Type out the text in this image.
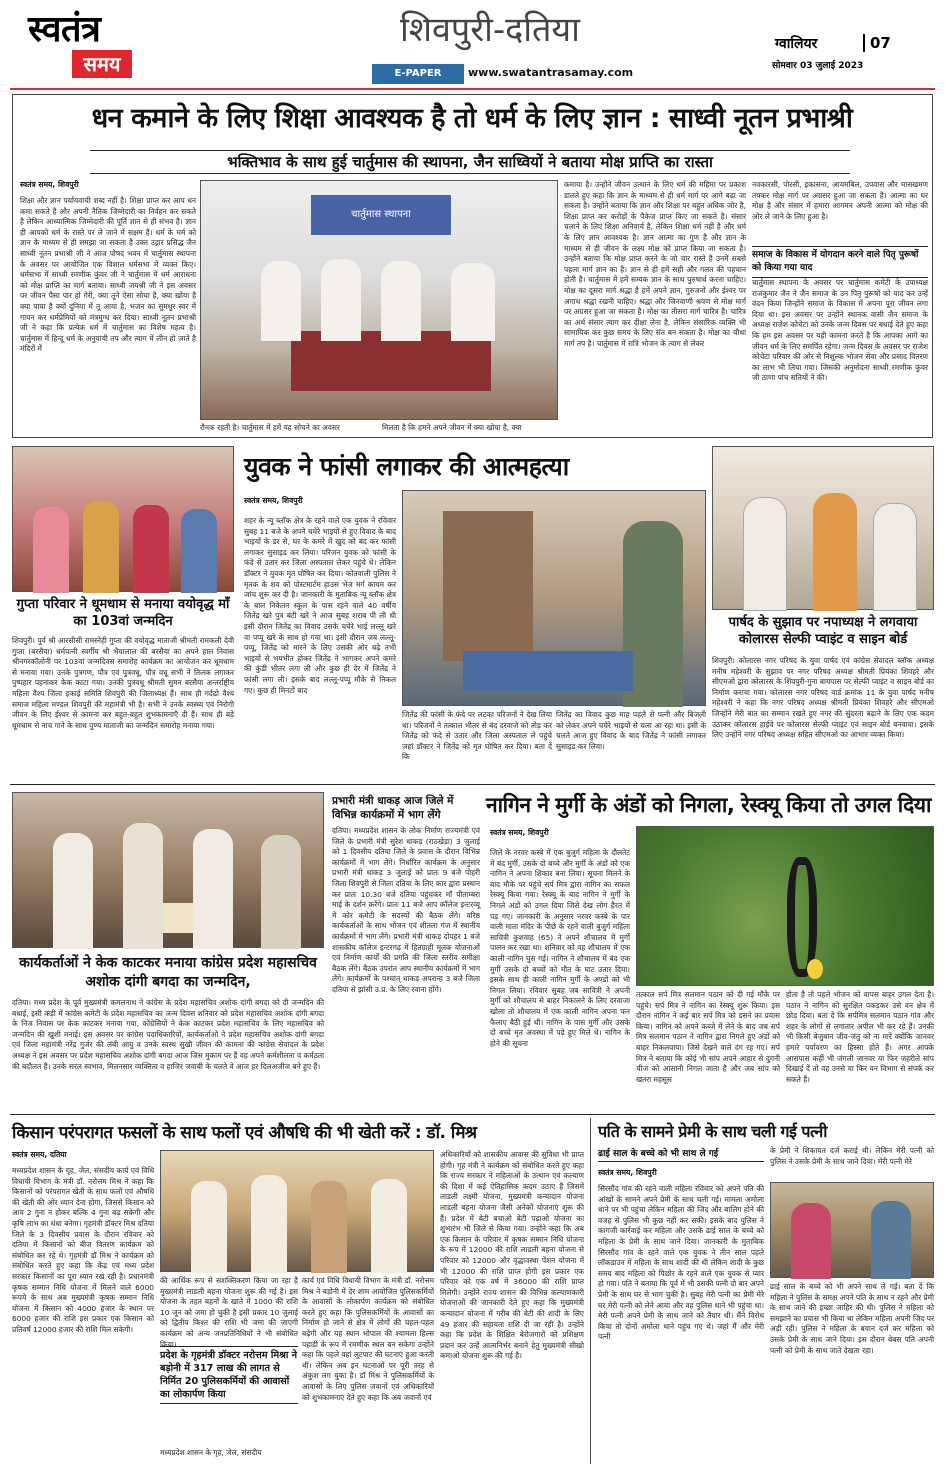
स्वतंत्र
समय
शिवपुरी-दतिया
E-PAPER	www.swatantrasamay.com
ग्वालियर	07
सोमवार 03 जुलाई 2023
धन कमाने के लिए शिक्षा आवश्यक है तो धर्म के लिए ज्ञान : साध्वी नूतन प्रभाश्री
भक्तिभाव के साथ हुई चार्तुमास की स्थापना, जैन साध्वियों ने बताया मोक्ष प्राप्ति का रास्ता
स्वतंत्र समय, शिवपुरी
शिक्षा और ज्ञान पर्यायवाची शब्द नहीं है। शिक्षा प्राप्त कर आप धन कमा सकते है और अपनी नैतिक जिम्मेदारी का निर्वहन कर सकते है लेकिन आध्यात्मिक जिम्मेदारी की पूर्ति ज्ञान से ही संभव है। ज्ञान ही आपको धर्म के रास्ते पर ले जाने में सक्षम है। धर्म के मर्म को ज्ञान के माध्यम से ही समझा जा सकता है उक्त उद्गार प्रसिद्ध जैन साध्वी नूतन प्रभाश्री जी ने आज पोषद भवन में चार्तुमास स्थापना के अवसर पर आयोजित एक विशाल धर्मसभा में व्यक्त किए। धर्मसभा में साध्वी रमणीक कुंवर जी ने चार्तुमास में धर्म आराधना को मोक्ष प्राप्ति का मार्ग बताया। साध्वी जयश्री जी ने इस अवसर पर जीवन पैसा पार हो गेरी, क्या तूने ऐसा सोचा है, क्या खोया है क्या पाया है क्यों दुनिया में तू आया है, भजन का सुमधुर स्वर में गायन कर धर्मप्रेमियों को मंत्रमुग्ध कर दिया। साध्वी नूतन प्रभाश्री जी ने कहा कि प्रत्येक धर्म में चार्तुमास का विशेष महत्व है। चार्तुमास में हिन्दू धर्म के अनुयायी तप और त्याग में लीन हो जाते है मंदिरों में
चार्तुमास स्थापना
रौनक रहती है। चार्तुमास में हमें यह सोचने का अवसर	मिलता है कि हमने अपने जीवन में क्या खोया है, क्या
कमाया है। उन्होंने जीवन उत्थान के लिए धर्म की महिमा पर प्रकाश डालते हुए कहा कि ज्ञान के माध्यम से ही धर्म मार्ग पर आगे बढ़ा जा सकता है। उन्होंने बताया कि ज्ञान और शिक्षा पर बहुत अधिक जोर है, शिक्षा प्राप्त कर करोड़ों के पैकेज प्राप्त किए जा सकते है। संसार चलाने के लिए शिक्षा अनिवार्य है, लेकिन शिक्षा धर्म नहीं है और धर्म के लिए ज्ञान आवश्यक है। ज्ञान आत्मा का गुण है और ज्ञान के माध्यम से ही जीवन के लक्ष्य मोक्ष को प्राप्त किया जा सकता है। उन्होंने बताया कि मोक्ष प्राप्त करने के जो चार रास्ते है उनमें सबसे पहला मार्ग ज्ञान का है। ज्ञान से ही हमें सही और गलत की पहचान होती है। चार्तुमास में हमें सम्यक ज्ञान के साथ पुरुषार्थ करना चाहिए। मोक्ष का दूसरा मार्ग श्रद्धा है हमें अपने ज्ञान, गुरुजनों और ईश्वर पर अगाध श्रद्धा रखनी चाहिए। श्रद्धा और जिनवाणी श्रवण से मोक्ष मार्ग पर अग्रसर हुआ जा सकता है। मोक्ष का तीसरा मार्ग चारित्र है। चारित्र का अर्थ संसार त्याग कर दीक्षा लेना है, लेकिन संसारिक व्यक्ति भी सामायिक कर कुछ समय के लिए संत बन सकता है। मोक्ष का चौथा मार्ग तप है। चार्तुमास में रात्रि भोजन के त्याग से लेकर
नवकारसी, पोरसी, इकासना, आयमबिल, उपवास और मासखमण तपकर मोक्ष मार्ग पर अग्रसर हुआ जा सकता है। आत्मा का घर मोक्ष है और संसार में हमारा आगमन अपनी आत्मा को मोक्ष की ओर ले जाने के लिए हुआ है।
समाज के विकास में योगदान करने वाले पितृ पुरूषों को किया गया याद
चार्तुमास स्थापना के अवसर पर चार्तुमास कमेटी के उपाध्यक्ष राजकुमार जैन ने जैन समाज के उन पितृ पुरूषों को याद कर उन्हें वंदन किया जिन्होंने समाज के विकास में अपना पूरा जीवन लगा दिया था। इस अवसर पर उन्होंने स्थानक वासी जैन समाज के अध्यक्ष राजेश कोचेटा को उनके जन्म दिवस पर बधाई देते हुए कहा कि हम इस अवसर पर यही कामना करते है कि आपका आगे का जीवन धर्म के लिए समर्पित रहेगा। जन्म दिवस के अवसर पर राजेश कोचेटा परिवार की ओर से निशुल्क भोजन सेवा और प्रसाद वितरण का लाभ भी लिया गया। जिसकी अनुमोदना साध्वी रमणीक कुंवर जी ठाणा पांच सतियों ने की।
गुप्ता परिवार ने धूमधाम से मनाया वयोवृद्ध माँ का 103वां जन्मदिन
शिवपुरी। पुर्व श्री आरसीसी रामस्नेही गुप्ता की वयोवृद्ध माताजी श्रीमती रामकली देवी गुप्ता (बरसैया) धर्मपत्नी स्वर्गीय श्री भैयालाल की बरसैया का अपने हाल निवास श्रीनगरकॉलोनी पर 103वां जन्मदिवस समारोह कार्यक्रम का आयोजन कर धूमधाम से मनाया गया। उनके पुत्रगण, पौत्र एवं पुत्रवधू, पौत्र वधू सभी ने तिलक लगाकर पुष्पहार पहनाकर केक काटा गया। उनकी पुत्रवधू श्रीमती सुमन बरसैया अन्तर्राष्ट्रीय महिला वैश्य जिला इकाई समिति शिवपुरी की जिलाध्यक्ष हैं। साथ ही गर्दढो वैश्य समाज महिला मण्डल शिवपुरी की महामंत्री भी है। सभी ने उनके स्वस्थ्य एवं निरोगी जीवन के लिए ईश्वर से कामना कर बहुत-बहुत शुभकामनाएँ दी हैं। साथ ही बड़े धूमधाम से नाच गाने के साथ पुण्य माताजी का जन्मदिन समारोह मनाया गया।
युवक ने फांसी लगाकर की आत्महत्या
स्वतंत्र समय, शिवपुरी
शहर के न्यू ब्लॉक क्षेत्र के रहने वाले एक युवक ने रविवार सुबह 11 बजे के अपने चचेरे भाइयों से हुए विवाद के बाद भाइयों के डर से, घर के कमरे में खुद को बंद कर फांसी लगाकर सुसाइड कर लिया। परिजन युवक को फांसी के फंदे से उतार कर जिला अस्पताल लेकर पहुंचे थे। लेकिन डॉक्टर ने युवक मृत घोषित कर दिया। कोतवाली पुलिस ने मृतक के शव को पोस्टमार्टम हाउस भेज मर्ग कायम कर जांच शुरू कर दी है। जानकारी के मुताबिक न्यू ब्लॉक क्षेत्र के बाल निकेतन स्कूल के पास रहने वाले 40 वर्षीय जितेंद्र खरे पुत्र बंटी खरे ने आज सुबह शराब पी ली थी इसी दौरान जितेंद्र का विवाद उसके चचेरे भाई लल्लू खरे वा पप्पू खरे के साथ हो गया था। इसी दौरान जब लल्लू-पप्पू, जितेंद्र को मारने के लिए उसकी ओर बढ़े तभी भाइयों से भयभीत होकर जितेंद्र ने भागकर अपने कमरे की कुंडी भीतर लगा ली और कुछ ही देर में जितेंद्र ने फांसी लगा ली। इसके बाद लल्लू-पप्पू मौके से निकल गए। कुछ ही मिनटों बाद
जितेंद्र की फांसी के फंदे पर लटका परिजनों ने देख लिया था। परिजनों ने तत्काल भीतर से बंद दरवाजे को तोड़ कर जितेंद्र को फंदे से उतार और जिला अस्पताल ले पहुंचे जहां डॉक्टर ने जितेंद्र को मृत घोषित कर दिया। बता दें कि
जितेंद्र का विवाद कुछ माह पहले से पत्नी और बिजली को लेकर अपने चचेरे भाइयों से चला आ रहा था। इसी के चलते आज हुए विवाद के बाद जितेंद्र ने फांसी लगाकर सुसाइड कर लिया।
पार्षद के सुझाव पर नपाध्यक्ष ने लगवाया कोलारस सेल्फी प्वाइंट व साइन बोर्ड
शिवपुरी। कोलारस नगर परिषद के युवा पार्षद एवं कांग्रेस सेवादल ब्लॉक अध्यक्ष मनीष महेश्वरी के सुझाव पर नगर परिषद अध्यक्ष श्रीमती प्रियंका शिवहरे और सीएमओ द्वारा कोलारस के शिवपुरी-गुना बायपास पर सेल्फी प्वाइंट व साइन बोर्ड का निर्माण कराया गया। कोलारस नगर परिषद वार्ड क्रमांक 11 के युवा पार्षद मनीष महेश्वरी ने कहा कि नगर परिषद अध्यक्ष श्रीमती प्रियंका शिवहरे और सीएमओ जिन्होंने मेरी बात का सम्मान रखते हुए नगर की सुंदरता बढ़ाने के लिए एक कदम उठाकर कोलारस हाईवे पर कोलारस सेल्फी प्वाइंट एवं साइन बोर्ड बनवाया। इसके लिए उन्होंने नगर परिषद अध्यक्ष सहित सीएमओ का आभार व्यक्त किया।
कार्यकर्ताओं ने केक काटकर मनाया कांग्रेस प्रदेश महासचिव अशोक दांगी बगदा का जन्मदिन,
दतिया। मध्य प्रदेश के पूर्व मुख्यमंत्री कमलनाथ ने कांग्रेस के प्रदेश महासचिव अशोक दांगी बगदा को दी जन्मदिन की बधाई, इसी कड़ी में कांग्रेस कमेटी के प्रदेश महासचिव का जन्म दिवस शनिवार को प्रदेश महासचिव अशोक दांगी बगदा के निज निवास पर केक काटकर मनाया गया, कोंग्रेसियों ने केक काटकर प्रदेश महासचिव के लिए महासचिव को जन्मदिन की खुशी मनाई। इस अवसर पर कांग्रेस पदाधिकारियों, कार्यकर्ताओं ने प्रदेश महासचिव अशोक दांगी बगदा एवं जिला महामंत्री नरेंद्र गुर्जर की लंबी आयु व उनके स्वस्थ सुखी जीवन की कामना की कांग्रेस सेवादल के प्रदेश अध्यक्ष ने इस अवसर पर प्रदेश महासचिव अशोक दांगी बगदा आज जिस मुकाम पर हैं वह अपने कर्मशीलता व कर्मठता की बदौलत हैं। उनके सरल स्वभाव, मिलनसार व्यक्तित्व व हाजिर जवाबी के चलते वे आज हर दिलअजीज बने हुए हैं।
प्रभारी मंत्री धाकड़ आज जिले में विभिन्न कार्यक्रमों में भाग लेंगे
दतिया। मध्यप्रदेश शासन के लोक निर्माण राज्यमंत्री एवं जिले के प्रभारी मंत्री सुरेश धाकड़ (राठखेड़ा) 3 जुलाई को 1 दिवसीय दतिया जिले के प्रवास के दौरान विभिन्न कार्यक्रमों में भाग लेंगे। निर्धारित कार्यक्रम के अनुसार प्रभारी मंत्री धाकड़ 3 जुलाई को प्रातः 9 बजे पोहरी जिला शिवपुरी से जिला दतिया के लिए कार द्वारा प्रस्थान कर प्रातः 10.30 बजे दतिया पहुंचकर माँ पीताम्बरा माई के दर्शन करेंगे। प्रातः 11 बजे आप कॉलेज इन्टरव्यू में कोर कमेटी के सदस्यों की बैठक लेंगे। वरिष्ठ कार्यकर्ताओं के साथ भोजन एवं शीतला गंज में स्थानीय कार्यक्रमों में भाग लेंगे। प्रभारी मंत्री धाकड़ दोपहर 1 बजे शासकीय कॉलेज इन्टरगढ़ में हितग्राही मूलक योजनाओं एवं निर्माण कार्यों की प्रगति की जिला स्तरीय समीक्षा बैठक लेंगे। बैठक उपरांत आप स्थानीय कार्यक्रमों में भाग लेंगे। कार्यक्रमों के पश्चात् धाकड़ अपरान्ह 3 बजे जिला दतिया से झांसी उ.प्र. के लिए रवाना होंगे।
नागिन ने मुर्गी के अंडों को निगला, रेस्क्यू किया तो उगल दिया
स्वतंत्र समय, शिवपुरी
जिले के नरवर कस्बे में एक बुजुर्ग महिला के दौलतेट में बंद मुर्गी, उसके दो बच्चे और मुर्गी के अंडों को एक नागिन ने अपना शिकार बना लिया। सूचना मिलने के बाद मौके पर पहुंचे सर्प मित्र द्वारा नागिन का सफल रेस्क्यू किया गया। रेस्क्यू के बाद नागिन ने मुर्गी के निगले अंडों को उगल दिया जिसे देख लोग हैरत में पड़ गए। जानकारी के अनुसार नरवर कस्बे के पार वाली माता मंदिर के पीछे के रहने वाली बुजुर्ग महिला सावित्री कुशवाह (65) ने अपने शौचालय में मुर्गी पालन कर रखा था। शनिवार को वह शौचालय में एक काली नागिन घुस गई। नागिन ने शौचालय में बंद एक मुर्गी उसके दो बच्चों को मौत के घाट उतार दिया। इसके साथ ही काली नागिन मुर्गी के अण्डों को भी निगल लिया। रविवार सुबह जब सावित्री ने अपनी मुर्गी को शौचालय से बाहर निकालने के लिए दरवाजा खोला तो शौचालय में एक काली नागिन अपना फन फैलाए बैठी हुई थी। नागिन के पास मुर्गी और उसके दो बच्चे मृत अवस्था में पड़े हुए मिले थे। नागिन के होने की सूचना
तत्काल सर्प मित्र सलमान पठान को दी गई मौके पर पहुंचे। सर्प मित्र ने नागिन का रेस्क्यू शुरू किया। इस दौरान नागिन ने कई बार सर्प मित्र को डसने का प्रयास किया। नागिन को अपने कब्जे में लेने के बाद जब सर्प मित्र सलमान पठान ने नागिन द्वारा निगले हुए अंडों को बाहर निकलवाया। जिसे देखने वाले दंग रह गए। सर्प मित्र ने बताया कि कोई भी सांप अपने आहार से दुगनी चीज को आसानी निगल जाता है और जब सांप को खतरा महसूस
होता है तो पहले भोजन को वापस बाहर उगल देता है। पठान ने नागिन को सुरक्षित पकड़कर उसे वन क्षेत्र में छोड़ दिया। बता दें कि सर्पमित्र सलमान पठान गांव और शहर के लोगों से लगातार अपील भी कर रहे हैं। उनकी भी किसी बेजुबान जीव-जंतु को ना मारें क्योंकि जानवर हमारे पर्यावरण का हिस्सा होते हैं। अगर आपके आसपास कहीं भी जंगली जानवर या फिर जहरीले सांप दिखाई दें तो वह उनसे या फिर वन विभाग से संपर्क कर सकते हैं।
किसान परंपरागत फसलों के साथ फलों एवं औषधि की भी खेती करें : डॉ. मिश्र
स्वतंत्र समय, दतिया
मध्यप्रदेश शासन के गृह, जेल, संसदीय कार्य एवं विधि विधायी विभाग के मंत्री डॉ. नरोत्तम मिश्र ने कहा कि किसानों को परंपरागत खेती के साथ फलों एवं औषधि की खेती की ओर ध्यान देना होगा, जिससे किसान को आय 2 गुना न होकर बल्कि 4 गुना बढ़ सकेगी और कृषि लाभ का धंधा बनेगा। गृहमंत्री डॉक्टर मिश्र दतिया जिले के 3 दिवसीय प्रवास के दौरान रविवार को दतिया में किसानों को बीज वितरण कार्यक्रम को संबोधित कर रहे थे। गृहमंत्री डॉ मिश्र ने कार्यक्रम को संबोधित करते हुए कहा कि केंद्र एवं मध्य प्रदेश सरकार किसानों का पूरा ध्यान रख रही है। प्रधानमंत्री कृषक सम्मान निधि योजना में मिलने वाले 6000 रूपये के साथ अब मुख्यमंत्री कृषक सम्मान निधि योजना में किसान को 4000 हजार के स्थान पर 6000 हजार की राशि इस प्रकार एक किसान को प्रतिवर्ष 12000 हजार की राशि मिल सकेगी।
की आर्थिक रूप से सशक्तिकरण किया जा रहा है मुख्यमंत्री लाडली बहना योजना शुरू की गई है। इस योजना के तहत बहनों के खाते में 1000 की राशि 10 जून को जमा हो चुकी है इसी प्रकार 10 जुलाई को द्वितीय किश्त की राशि भी जमा की जाएगी कार्यक्रम को अन्य जनप्रतिनिधियों ने भी संबोधित किया।
प्रदेश के गृहमंत्री डॉक्टर नरोत्तम मिश्रा ने बड़ोनी में 317 लाख की लागत से निर्मित 20 पुलिसकर्मियों की आवासों का लोकार्पण किया
मध्यप्रदेश शासन के गृह, जेल, संसदीय
कार्य एवं विधि विधायी विभाग के मंत्री डॉ. नरोत्तम मिश्र ने बड़ोनी में देर शाम आयोजित पुलिसकर्मियों के आवासों के लोकार्पण कार्यक्रम को संबोधित करते हुए कहा कि पुलिसकर्मियों के आवासों का निर्माण हो जाने से क्षेत्र में लोगों की चहल-पहल बढ़ेगी और यह स्थान भोपाल की श्यामला हिल्स पहाड़ी के रूप में रमणीक स्थल बन सकेगा उन्होंने कहा कि पहले यहां लूटपाट की घटनाएं हुआ करती थी। लेकिन अब इन घटनाओं पर पूरी तरह से अंकुश लग चुका है। डॉ मिश्र ने पुलिसकर्मियों के आवासों के लिए पुलिस जवानों एवं अधिकारियों को शुभकामनाएं देते हुए कहा कि अब जवानों एवं
अधिकारियों को शासकीय आवास की सुविधा भी प्राप्त होगी। गृह मंत्री ने कार्यक्रम को संबोधित करते हुए कहा कि राज्य सरकार ने महिलाओं के उत्थान एवं कल्याण की दिशा में कई ऐतिहासिक कदम उठाए हैं जिसमें लाडली लक्ष्मी योजना, मुख्यमंत्री कन्यादान योजना लाडली बहना योजना जैसी अनेकों योजनाएं शुरू की हैं। प्रदेश में बेटी बचाओ बेटी पढ़ाओ योजना का शुभारंभ भी जिले से किया गया। उन्होंने कहा कि अब एक किसान के परिवार में कृषक सम्मान निधि योजना के रूप में 12000 की राशि लाडली बहना योजना से परिवार को 12000 और वृद्धावस्था पेंशन योजना में भी 12000 की राशि प्राप्त होगी इस प्रकार एक परिवार को एक वर्ष में 36000 की राशि प्राप्त मिलेगी। उन्होंने राज्य शासन की विभिन्न कल्याणकारी योजनाओं की जानकारी देते हुए कहा कि मुख्यमंत्री कन्यादान योजना में गरीब की बेटी की शादी के लिए 49 हजार की सहायता राशि दी जा रही है। उन्होंने कहा कि प्रदेश के शिक्षित बेरोजगारों को प्रशिक्षण प्रदान कर उन्हें आत्मनिर्भर बनाने हेतु मुख्यमंत्री सीखो कमाओ योजना शुरू की गई है।
पति के सामने प्रेमी के साथ चली गई पत्नी
ढाई साल के बच्चे को भी साथ ले गई	के प्रेमी ने शिकायत दर्ज कराई थी। लेकिन मेरी पत्नी को पुलिस ने उसके प्रेमी के साथ जाने दिया। मेरी पत्नी मेरे
स्वतंत्र समय, शिवपुरी
सिरसौद गांव की रहने वाली महिला रविवार को अपने पति की आंखों के सामने अपने प्रेमी के साथ चली गई। मामला अमोला थाने पर भी पहुंचा लेकिन महिला की जिद और बालिग होने की वजह से पुलिस भी कुछ नहीं कर सकी। इसके बाद पुलिस ने कागजी कार्रवाई कर महिला और उसके ढाई साल के बच्चे को महिला के प्रेमी के साथ जाने दिया। जानकारी के मुताबिक सिरसौद गांव के रहने वाले एक युवक ने तीन साल पहले लॉकडाउन में महिला के साथ शादी की थी लेकिन शादी के कुछ समय बाद महिला को पिछोर के रहने वाले एक युवक से प्यार हो गया। पति ने बताया कि पूर्व में भी उसकी पत्नी दो बार अपने प्रेमी के साथ घर से भाग चुकी है। सुबह मेरी पत्नी का प्रेमी मेरे घर मेरी पत्नी को लेने आया और वह पुलिस थाने भी पहुंचा था। मेरी पत्नी अपने प्रेमी के साथ जाने को तैयार थी। मैंने विरोध किया तो दोनों अमोला थाने पहुंच गए थे। जहां मैं और मेरी पत्नी
ढाई साल के बच्चे को भी अपने साथ ले गई। बता दें कि महिला ने पुलिस के समक्ष अपने पति के साथ न रहने और प्रेमी के साथ जाने की इच्छा जाहिर की थी। पुलिस ने महिला को समझाने का प्रयास भी किया था लेकिन महिला अपनी जिद पर अड़ी रही। पुलिस ने महिला के बयान दर्ज कर महिला को उसके प्रेमी के साथ जाने दिया। इस दौरान बेबस पति अपनी पत्नी को प्रेमी के साथ जाते देखता रहा।
